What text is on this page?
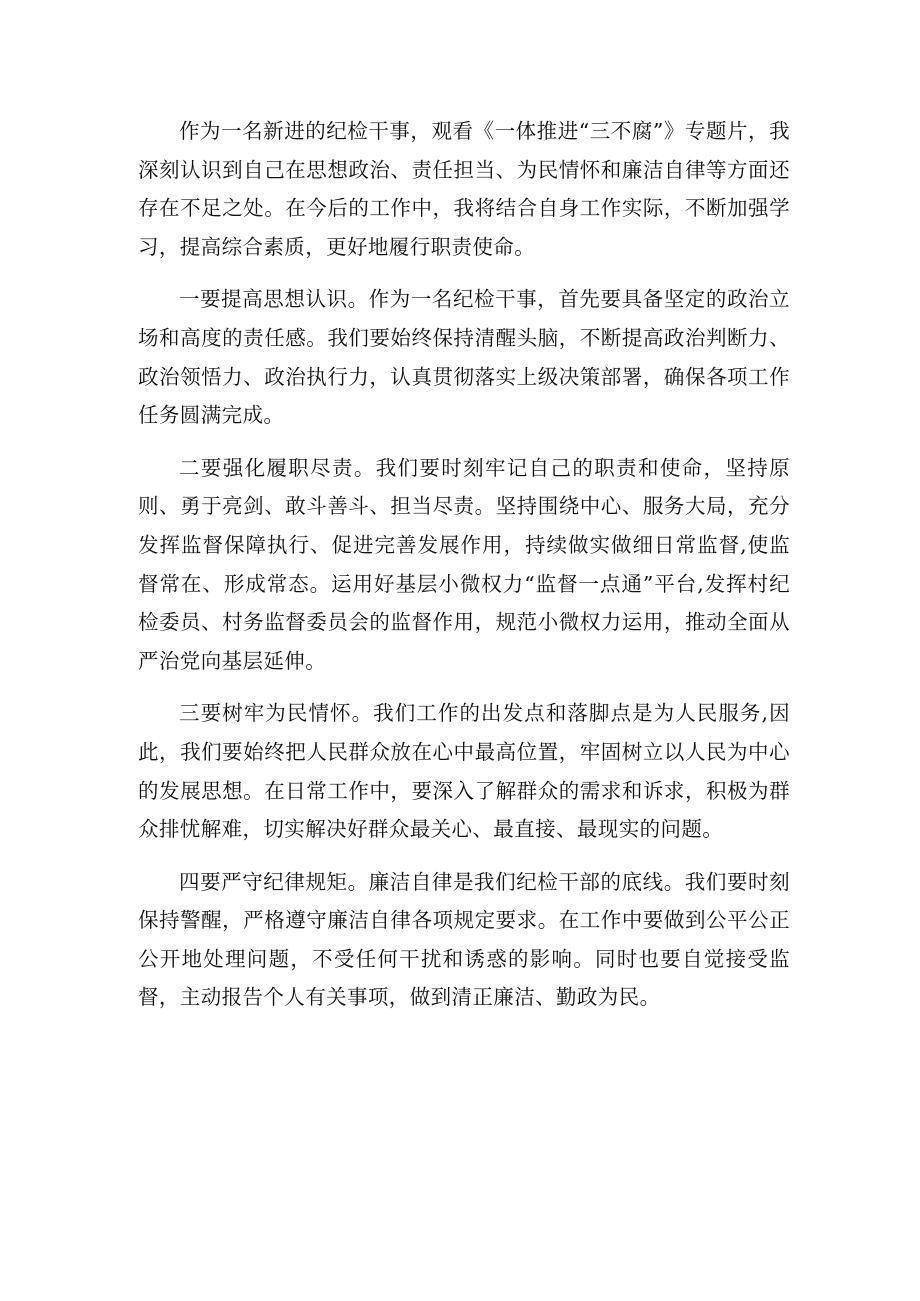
作为一名新进的纪检干事，观看《一体推进“三不腐”》专题片，我深刻认识到自己在思想政治、责任担当、为民情怀和廉洁自律等方面还存在不足之处。在今后的工作中，我将结合自身工作实际，不断加强学习，提高综合素质，更好地履行职责使命。

一要提高思想认识。作为一名纪检干事，首先要具备坚定的政治立场和高度的责任感。我们要始终保持清醒头脑，不断提高政治判断力、政治领悟力、政治执行力，认真贯彻落实上级决策部署，确保各项工作任务圆满完成。

二要强化履职尽责。我们要时刻牢记自己的职责和使命，坚持原则、勇于亮剑、敢斗善斗、担当尽责。坚持围绕中心、服务大局，充分发挥监督保障执行、促进完善发展作用，持续做实做细日常监督,使监督常在、形成常态。运用好基层小微权力“监督一点通”平台,发挥村纪检委员、村务监督委员会的监督作用，规范小微权力运用，推动全面从严治党向基层延伸。

三要树牢为民情怀。我们工作的出发点和落脚点是为人民服务,因此，我们要始终把人民群众放在心中最高位置，牢固树立以人民为中心的发展思想。在日常工作中，要深入了解群众的需求和诉求，积极为群众排忧解难，切实解决好群众最关心、最直接、最现实的问题。

四要严守纪律规矩。廉洁自律是我们纪检干部的底线。我们要时刻保持警醒，严格遵守廉洁自律各项规定要求。在工作中要做到公平公正公开地处理问题，不受任何干扰和诱惑的影响。同时也要自觉接受监督，主动报告个人有关事项，做到清正廉洁、勤政为民。
